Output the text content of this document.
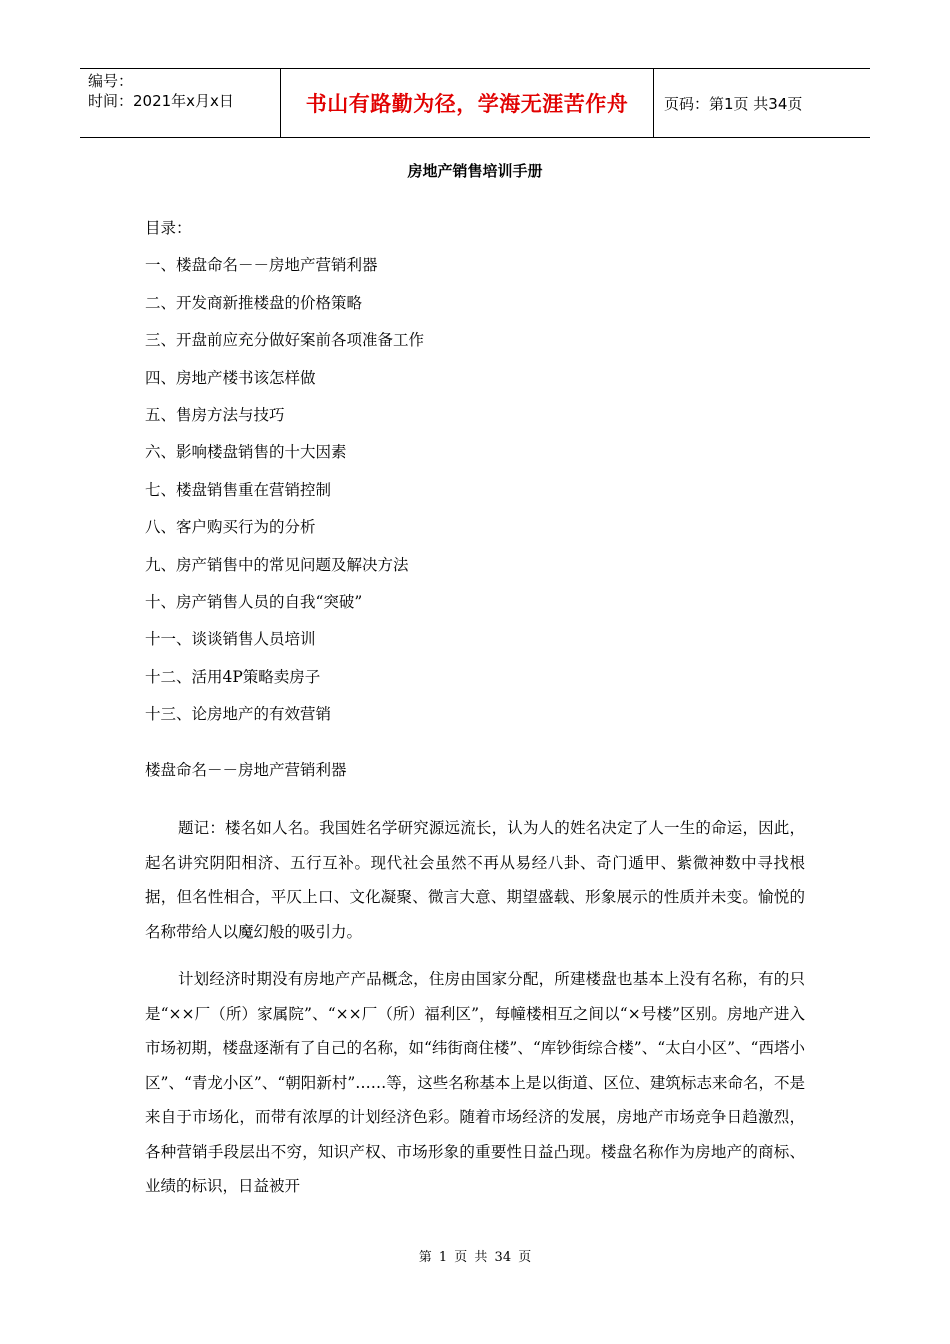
编号：
时间：2021年x月x日	书山有路勤为径，学海无涯苦作舟	页码：第1页 共34页
房地产销售培训手册
目录：
一、楼盘命名－－房地产营销利器
二、开发商新推楼盘的价格策略
三、开盘前应充分做好案前各项准备工作
四、房地产楼书该怎样做
五、售房方法与技巧
六、影响楼盘销售的十大因素
七、楼盘销售重在营销控制
八、客户购买行为的分析
九、房产销售中的常见问题及解决方法
十、房产销售人员的自我“突破”
十一、谈谈销售人员培训
十二、活用4P策略卖房子
十三、论房地产的有效营销
楼盘命名－－房地产营销利器
题记：楼名如人名。我国姓名学研究源远流长，认为人的姓名决定了人一生的命运，因此，起名讲究阴阳相济、五行互补。现代社会虽然不再从易经八卦、奇门遁甲、紫微神数中寻找根据，但名性相合，平仄上口、文化凝聚、微言大意、期望盛载、形象展示的性质并未变。愉悦的名称带给人以魔幻般的吸引力。
计划经济时期没有房地产产品概念，住房由国家分配，所建楼盘也基本上没有名称，有的只是“××厂（所）家属院”、“××厂（所）福利区”，每幢楼相互之间以“×号楼”区别。房地产进入市场初期，楼盘逐渐有了自己的名称，如“纬街商住楼”、“库钞街综合楼”、“太白小区”、“西塔小区”、“青龙小区”、“朝阳新村”……等，这些名称基本上是以街道、区位、建筑标志来命名，不是来自于市场化，而带有浓厚的计划经济色彩。随着市场经济的发展，房地产市场竞争日趋激烈，各种营销手段层出不穷，知识产权、市场形象的重要性日益凸现。楼盘名称作为房地产的商标、业绩的标识，日益被开
第 1 页 共 34 页
